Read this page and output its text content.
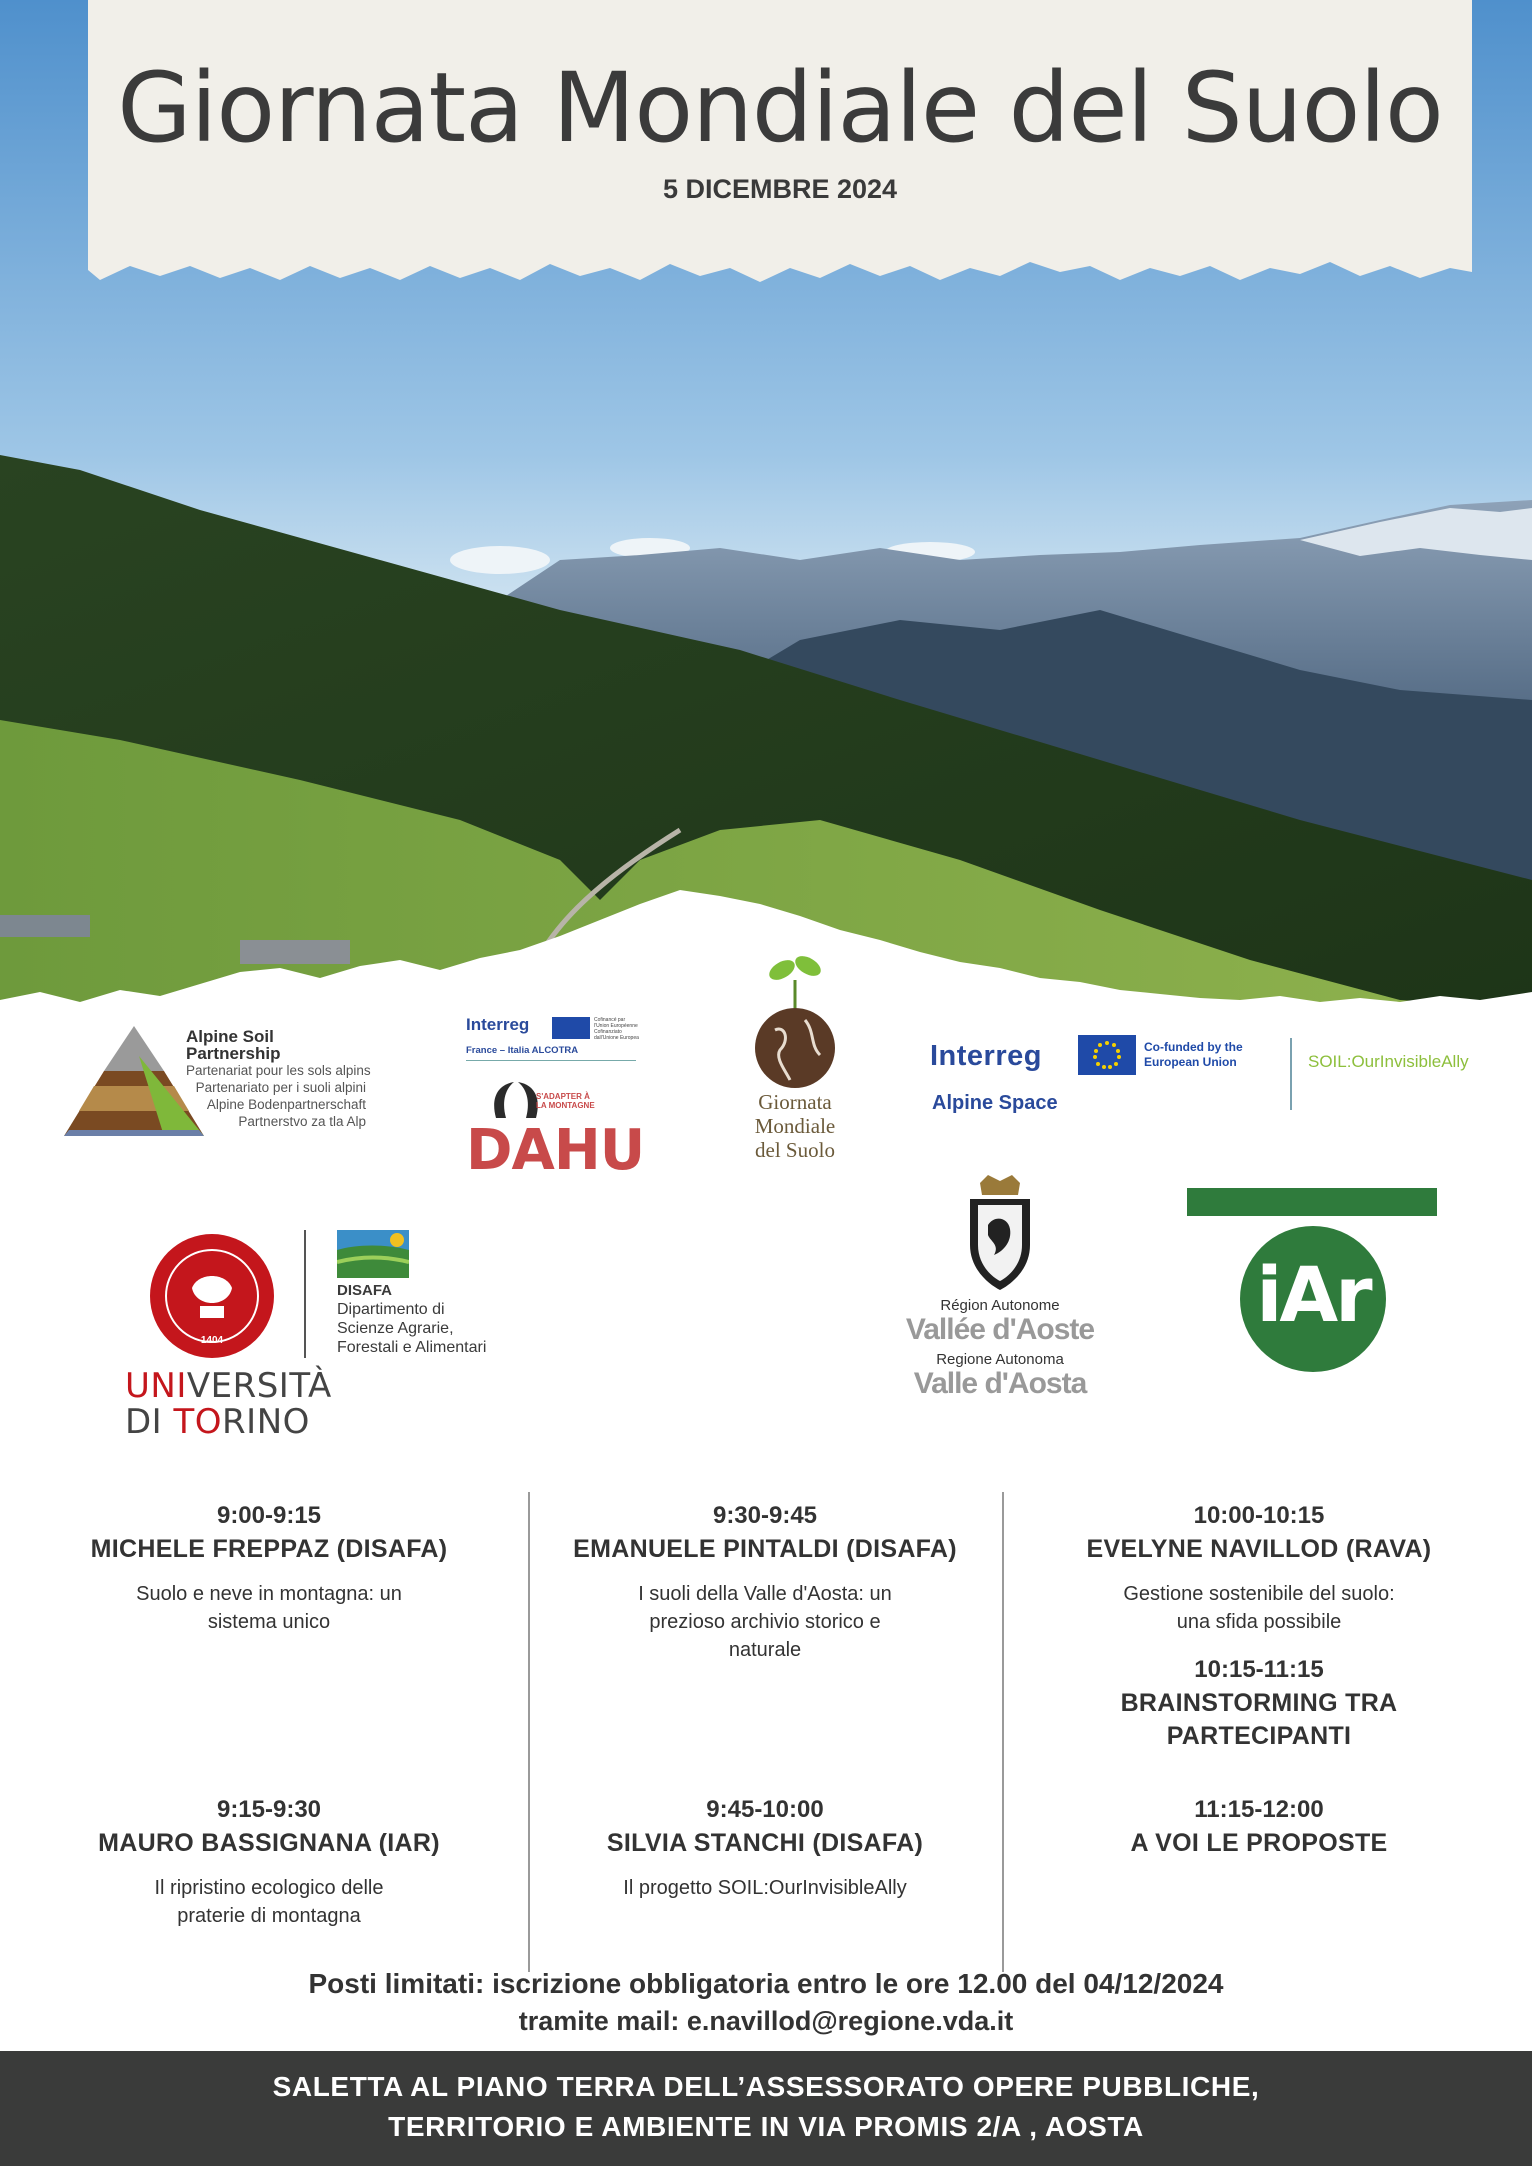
Giornata Mondiale del Suolo
5 DICEMBRE 2024
Alpine Soil Partnership
Partenariat pour les sols alpins
Partenariato per i suoli alpini
Alpine Bodenpartnerschaft
Partnerstvo za tla Alp
Interreg	Cofinancé par l'Union Européenne Cofinanziato dall'Unione Europea
France – Italia ALCOTRA
S'ADAPTER À LA MONTAGNE
DAHU
Giornata
Mondiale
del Suolo
Interreg
Alpine Space
Co-funded by the European Union	SOIL:OurInvisibleAlly
1404
UNIVERSITÀ
DI TORINO
DISAFA
Dipartimento di
Scienze Agrarie,
Forestali e Alimentari
Région Autonome
Vallée d'Aoste
Regione Autonoma
Valle d'Aosta
iAr
9:00-9:15
MICHELE FREPPAZ (DISAFA)
Suolo e neve in montagna: un
sistema unico
9:15-9:30
MAURO BASSIGNANA (IAR)
Il ripristino ecologico delle
praterie di montagna
9:30-9:45
EMANUELE PINTALDI (DISAFA)
I suoli della Valle d'Aosta: un
prezioso archivio storico e
naturale
9:45-10:00
SILVIA STANCHI (DISAFA)
Il progetto SOIL:OurInvisibleAlly
10:00-10:15
EVELYNE NAVILLOD (RAVA)
Gestione sostenibile del suolo:
una sfida possibile
10:15-11:15
BRAINSTORMING TRA
PARTECIPANTI
11:15-12:00
A VOI LE PROPOSTE
Posti limitati: iscrizione obbligatoria entro le ore 12.00 del 04/12/2024
tramite mail: e.navillod@regione.vda.it
SALETTA AL PIANO TERRA DELL’ASSESSORATO OPERE PUBBLICHE,
TERRITORIO E AMBIENTE IN VIA PROMIS 2/A , AOSTA
